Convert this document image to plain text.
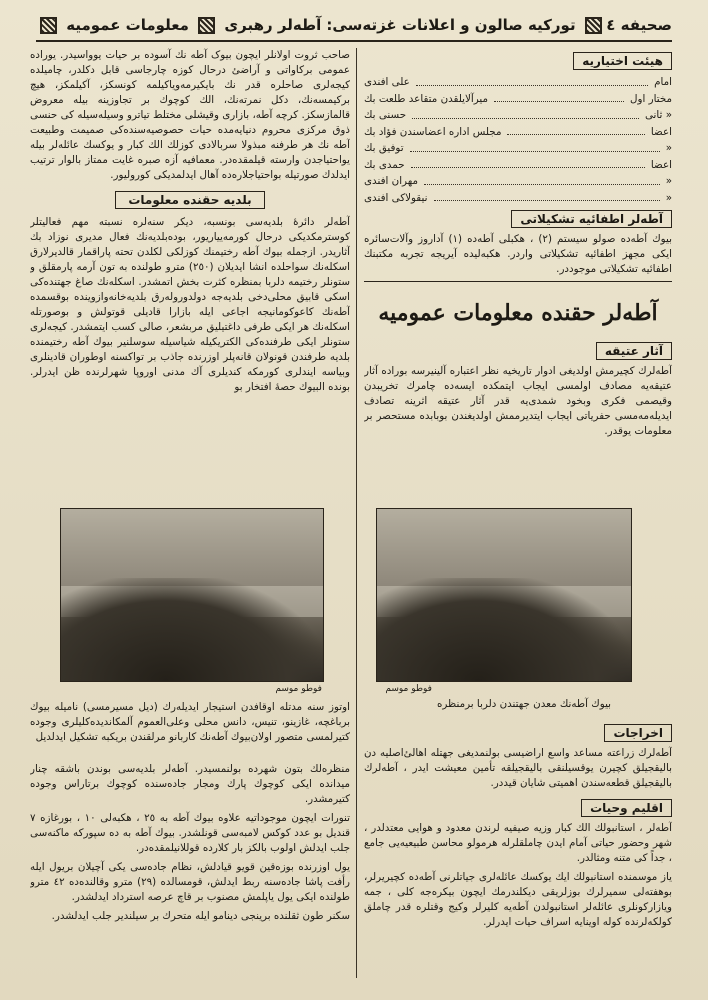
صحیفه ٤
تورکیه صالون و اعلانات غزته‌سی: آطه‌لر رهبری  معلومات عمومیه
هیئت اختیاریه
امام
علی افندی
مختار اول
میرآلایلقدن متقاعد طلعت بك
« ثانی
حسنی بك
اعضا
مجلس اداره اعضاسندن فؤاد بك
«
توفیق بك
اعضا
حمدی بك
«
مهران افندی
«
نیقولاکی افندی
آطه‌لر اطفائیه تشکیلاتی

بیوك آطه‌ده صولو سیستم (٢) ، هکبلی آطه‌ده (١) آداروز وآلات‌سائره ایکی مجهز اطفائیه تشکیلاتی واردر. هکبه‌لیده آیریجه تجربه مکتبنك اطفائیه تشکیلاتی موجوددر.

آطه‌لر حقنده معلومات عمومیه
آثار عتیقه

آطه‌لرك کچیرمش اولدیغی ادوار تاریخیه نظر اعتباره آلینیرسه بوراده آثار عتیقه‌یه مصادف اولمسی ایجاب ایتمکده ایسه‌ده چامرك تخریبدن وقیصمی فکری وبخود شمدی‌یه قدر آثار عتیقه اثرینه تصادف ایدیله‌مه‌مسی حفریاتی ایجاب ایتدیرممش اولدیغندن بوبابده مستحصر بر معلومات یوقدر.

صاحب ثروت اولانلر ایچون بیوک آطه‌ نك آسوده بر حیات یوواسیدر. یوراده عمومی برکاواتی و آراضئ درحال کوزه چارجاسی قابل دکلدر، چامیلده کیجه‌لری صاحلره قدر نك بایکیرمه‌ویاکیلمه کونسکز، آکیلمکز، هیچ برکیمسه‌نك، دکل نمرته‌نك، الك کوچوك بر تجاوزینه بیله معروض قالمازسکز. کرچه آطه، بازاری وقیشلی مختلط تیاترو وسیله‌سیله کی حنسی ذوق مرکزی محروم دنیایه‌مده حیات حصوصیه‌سنده‌کی صمیمت وطبیعت آطه‌ نك هر طرفنه مبذولا سربالادی کوزلك الك کبار و یوکسك عائله‌لر بیله یواحتیاجدن وارسته قیلمقده‌در. معمافیه آزه صبره غایت ممتاز بالوار ترتیب ایدلدك صورتیله بواحتیاجلاره‌ده آهال ایدلمدیکی کورولیور.

بلدیه حقنده معلومات

آطه‌لر دائرهٔ بلدیه‌سی بونسبه، دیکر سنه‌لره نسبته مهم فعالیتلر کوسترمکدیکی درحال کورمه‌ییاریور، بوده‌بلدیه‌نك فعال مدیری نوزاد بك آثاریدر. ازجمله بیوك آطه رختیمنك کوزلکی لکلدن تحته پاراقمار قالدیرلارق اسکله‌نك سواحلده انشا ایدیلان (٢٥٠) مترو طولنده به‌ تون آرمه پارمقلق و ستونلر رختیمه دلربا بمنظره کثرت بخش اتمشدر. اسکله‌نك صاغ جهتنده‌کی اسکی قابیق محلی‌دخی بلدیه‌جه دولدوروله‌رق بلدیه‌خانه‌وازوینده بوقسمده آطه‌نك کاعوکومانیجه اجاعی ایله بازارا قادیلی قوتولش و بوصورتله اسکله‌نك هر ایکی طرفی داغتیلیق مربشعر، صالی کسب ایتمشدر. کیجه‌لری ستونلر ایکی طرفنده‌کی الکتریکیله شیاسیله سوسلنیر بیوك آطه رختیمنده بلدیه طرفندن قونولان قانه‌پلر اوزرنده جاذب بر تواکسنه اوطوران قادینلری وبیاسه ایندلری کورمکه کندیلری آك مدنی اوروپا شهرلرنده ظن ایدرلر. بونده البیوك حصهٔ افتخار بو

فوطو موسم	فوطو موسم
بیوك آطه‌نك معدن جهتندن دلربا برمنظره

اوتوز سنه مدتله اوقافدن استیجار ایدیله‌رك (دیل مسیرمسی) نامیله بیوك برباغچه، غازینو، تنیس، دانس محلی وعلی‌العموم آلمکاندیده‌کلیلری وجوده کتیرلمسی متصور اولان‌بیوك آطه‌نك کاربانو مرلقندن بریکبه تشکیل ایدلدیل

منظره‌لك بتون شهرده بولنمسیدر. آطه‌لر بلدیه‌سی بوندن باشقه چنار میدانده ایکی کوچوك پارك ومجار جاده‌سنده کوچوك برتاراس وجوده کتیرمشدر.

تنورات ایچون موجوداتیه علاوه‌ بیوك آطه‌ به ٢٥ ، هکبه‌لی ١٠ ، بورغازه ٧ قندیل‌ بو عدد کوکس لامبه‌سی قونلشدر. بیوك آطه به ده سپورکه ماکنه‌سی جلب ایدلش اولوب بالکز بار کلارده قوللانیلمقده‌در.

یول اوزرنده بوزه‌قین قویو قیادلش، نظام جاده‌سی یکی آچیلان بریول ایله رأفت پاشا جاده‌سنه ربط ایدلش، قومسالده (٢٩) مترو وقالنده‌ده ٤٢ مترو طولنده ایکی یول یاپلمش مصنوب بر قاچ عرصه استرداد ایدلشدر.

سکنر طون ثقلنده برینجی دینامو ایله متحرك بر سیلندیر جلب ایدلشدر.

اخراجات

آطه‌لرك زراعته مساعد واسع اراضیسی بولنمدیغی جهتله اهالئ‌اصلیه‌ دن بالیقجیلق کچیرن یوقسیلنقی بالیقجیلقه تأمین معیشت ایدر ، آطه‌لرك بالیقجیلق قطعه‌سندن اهمیتی شایان قیددر.

اقلیم وحیات

آطه‌لر ، استانبولك الك کبار وزیه صیفیه‌ لرندن معدود و هوایی معتدلدر ، شهر وحضور حیاتی آمام ایدن چاملقلرله هرمولو محاسن طبیعیه‌یی جامع ، جداً کی متنه ومثالدر.

یاز موسمنده استانبولك ایك یوکسك عائله‌لری جیاتلرنی آطه‌ده کچیریرلر، بوهفته‌لی سمیرلرك بوزلریقی دیکلندرمك ایچون بیکره‌جه کلی ، جمه ویازارکونلری عائله‌لر استانبولدن آطه‌یه کلیرلر وکیج وقتلره قدر چاملق کولکه‌لرنده کوله اوینایه اسراف حیات ایدرلر.
